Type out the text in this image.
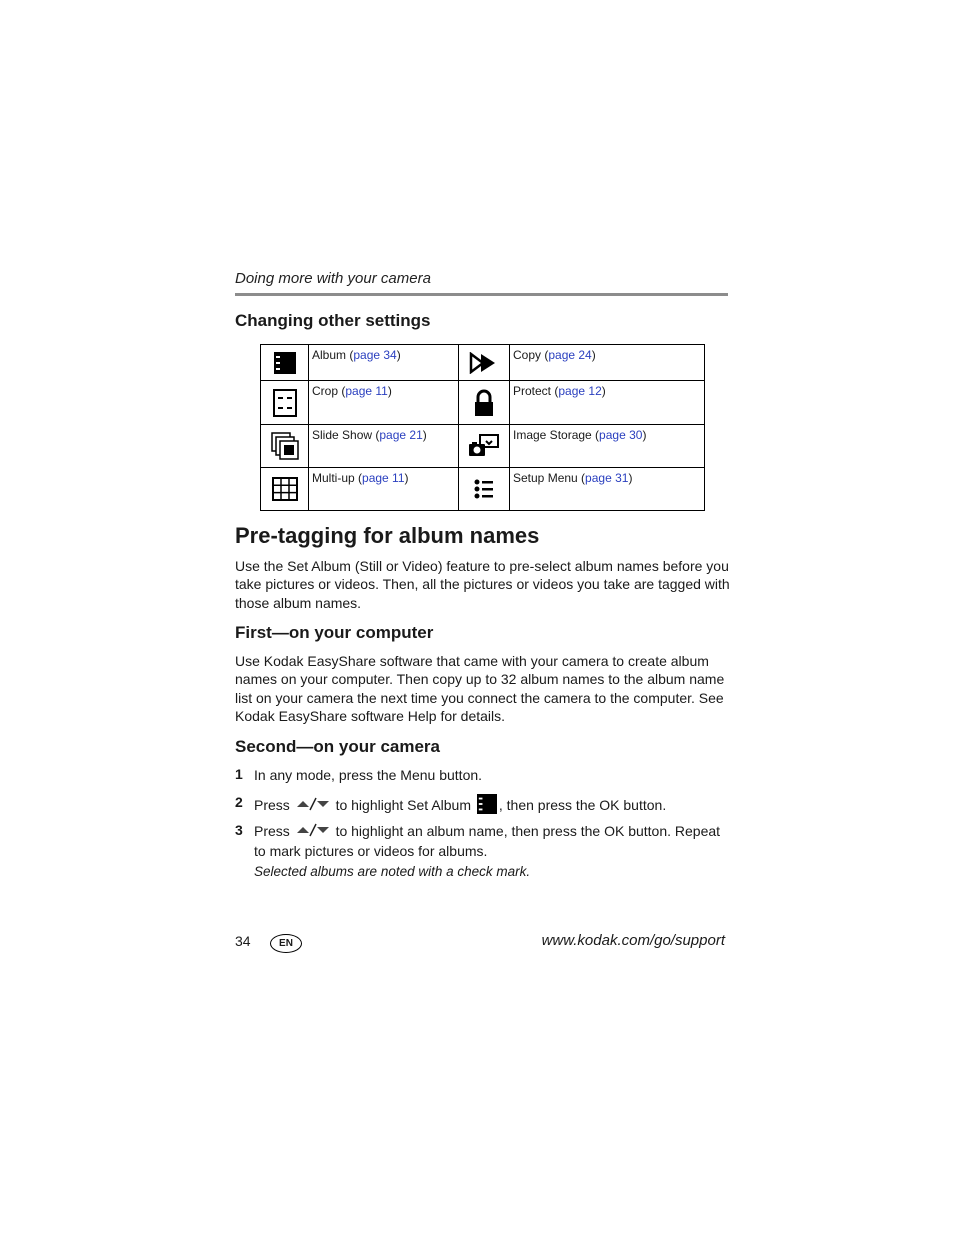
Doing more with your camera
Changing other settings
	Album (page 34)		Copy (page 24)

	Crop (page 11)		Protect (page 12)

	Slide Show (page 21)		Image Storage (page 30)

	Multi-up (page 11)		Setup Menu (page 31)
Pre-tagging for album names

Use the Set Album (Still or Video) feature to pre-select album names before you take pictures or videos. Then, all the pictures or videos you take are tagged with those album names.

First—on your computer

Use Kodak EasyShare software that came with your camera to create album names on your computer. Then copy up to 32 album names to the album name list on your camera the next time you connect the camera to the computer. See Kodak EasyShare software Help for details.

Second—on your camera
1 In any mode, press the Menu button.
2 Press	to highlight Set Album , then press the OK button.
3 Press	to highlight an album name, then press the OK button. Repeat to mark pictures or videos for albums.
Selected albums are noted with a check mark.
34	EN	www.kodak.com/go/support
